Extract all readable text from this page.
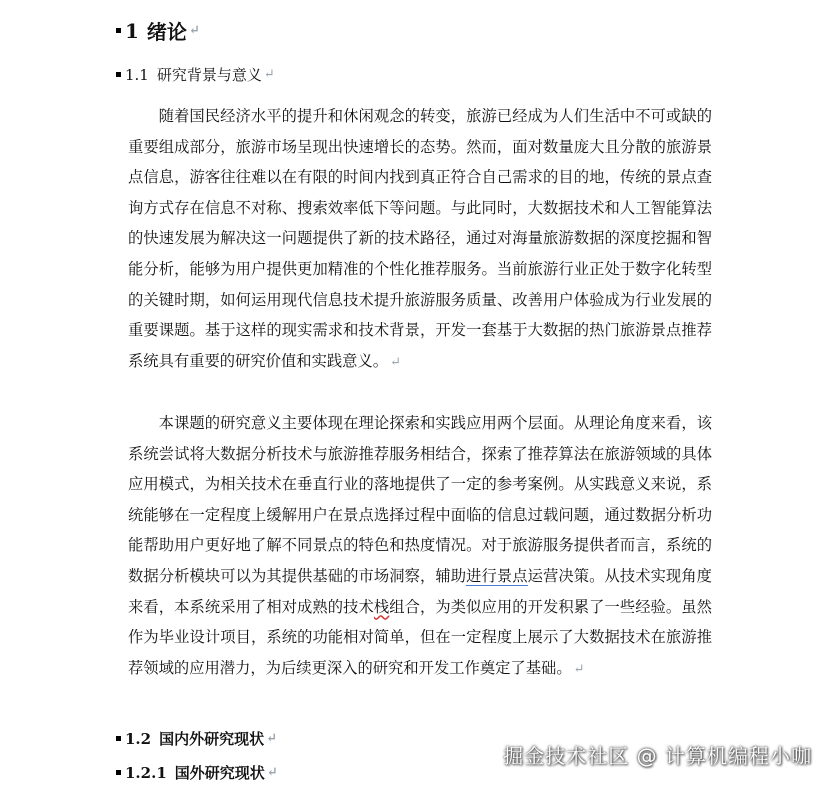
1 绪论 ↵
1.1 研究背景与意义 ↵

随着国民经济水平的提升和休闲观念的转变，旅游已经成为人们生活中不可或缺的重要组成部分，旅游市场呈现出快速增长的态势。然而，面对数量庞大且分散的旅游景点信息，游客往往难以在有限的时间内找到真正符合自己需求的目的地，传统的景点查询方式存在信息不对称、搜索效率低下等问题。与此同时，大数据技术和人工智能算法的快速发展为解决这一问题提供了新的技术路径，通过对海量旅游数据的深度挖掘和智能分析，能够为用户提供更加精准的个性化推荐服务。当前旅游行业正处于数字化转型的关键时期，如何运用现代信息技术提升旅游服务质量、改善用户体验成为行业发展的重要课题。基于这样的现实需求和技术背景，开发一套基于大数据的热门旅游景点推荐系统具有重要的研究价值和实践意义。 ↵

本课题的研究意义主要体现在理论探索和实践应用两个层面。从理论角度来看，该系统尝试将大数据分析技术与旅游推荐服务相结合，探索了推荐算法在旅游领域的具体应用模式，为相关技术在垂直行业的落地提供了一定的参考案例。从实践意义来说，系统能够在一定程度上缓解用户在景点选择过程中面临的信息过载问题，通过数据分析功能帮助用户更好地了解不同景点的特色和热度情况。对于旅游服务提供者而言，系统的数据分析模块可以为其提供基础的市场洞察，辅助进行景点运营决策。从技术实现角度来看，本系统采用了相对成熟的技术栈组合，为类似应用的开发积累了一些经验。虽然作为毕业设计项目，系统的功能相对简单，但在一定程度上展示了大数据技术在旅游推荐领域的应用潜力，为后续更深入的研究和开发工作奠定了基础。 ↵

1.2 国内外研究现状 ↵
1.2.1 国外研究现状 ↵
掘金技术社区 @ 计算机编程小咖
